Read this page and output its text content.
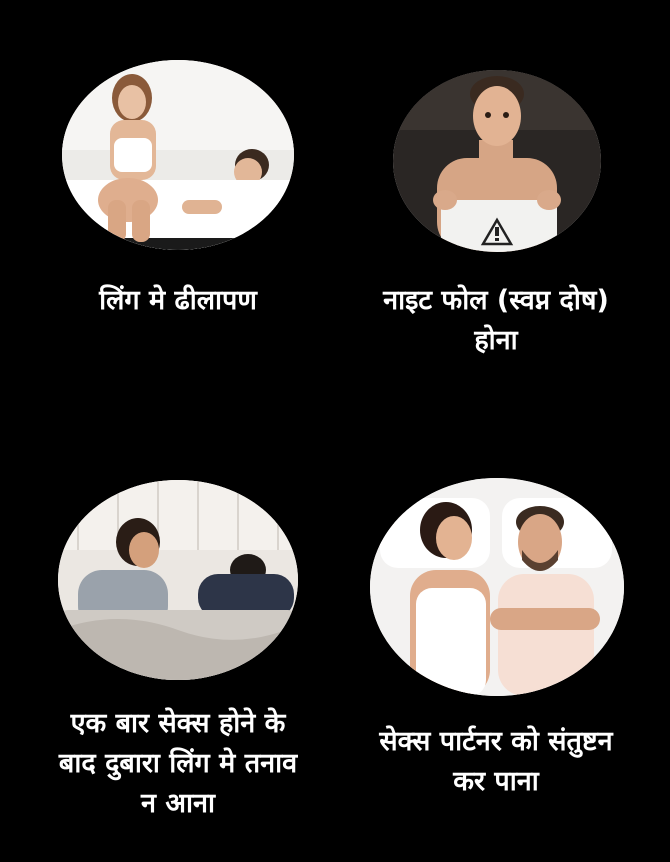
लिंग मे ढीलापण	नाइट फोल (स्वप्न दोष)
होना
एक बार सेक्स होने के
बाद दुबारा लिंग मे तनाव
न आना
सेक्स पार्टनर को संतुष्टन
कर पाना
